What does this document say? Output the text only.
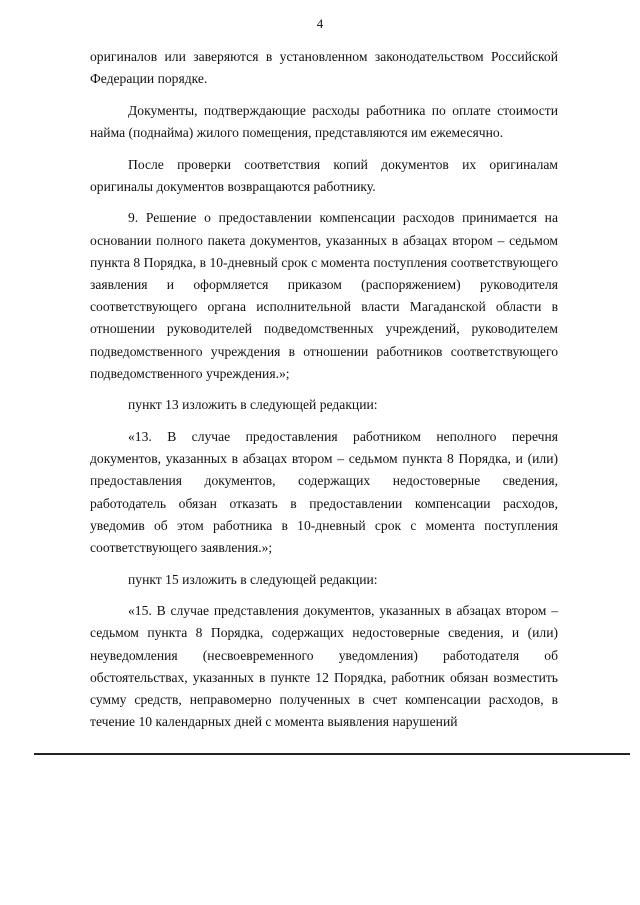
4

оригиналов или заверяются в установленном законодательством Российской Федерации порядке.

Документы, подтверждающие расходы работника по оплате стоимости найма (поднайма) жилого помещения, представляются им ежемесячно.

После проверки соответствия копий документов их оригиналам оригиналы документов возвращаются работнику.

9. Решение о предоставлении компенсации расходов принимается на основании полного пакета документов, указанных в абзацах втором – седьмом пункта 8 Порядка, в 10-дневный срок с момента поступления соответствующего заявления и оформляется приказом (распоряжением) руководителя соответствующего органа исполнительной власти Магаданской области в отношении руководителей подведомственных учреждений, руководителем подведомственного учреждения в отношении работников соответствующего подведомственного учреждения.»;

пункт 13 изложить в следующей редакции:

«13. В случае предоставления работником неполного перечня документов, указанных в абзацах втором – седьмом пункта 8 Порядка, и (или) предоставления документов, содержащих недостоверные сведения, работодатель обязан отказать в предоставлении компенсации расходов, уведомив об этом работника в 10-дневный срок с момента поступления соответствующего заявления.»;

пункт 15 изложить в следующей редакции:

«15. В случае представления документов, указанных в абзацах втором – седьмом пункта 8 Порядка, содержащих недостоверные сведения, и (или) неуведомления (несвоевременного уведомления) работодателя об обстоятельствах, указанных в пункте 12 Порядка, работник обязан возместить сумму средств, неправомерно полученных в счет компенсации расходов, в течение 10 календарных дней с момента выявления нарушений
